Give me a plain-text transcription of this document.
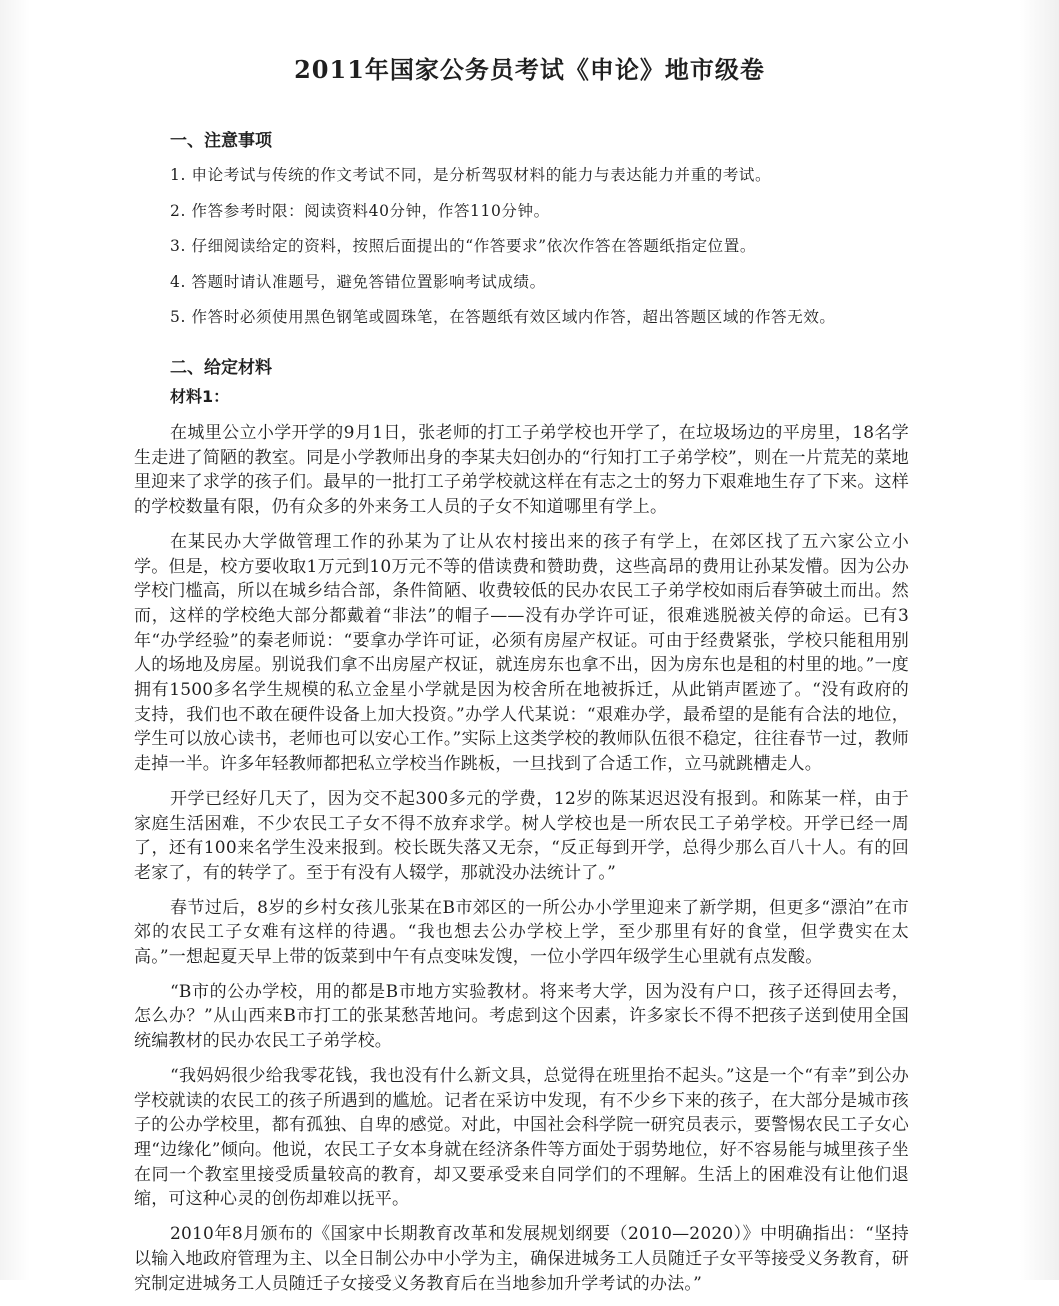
2011年国家公务员考试《申论》地市级卷
一、注意事项
1. 申论考试与传统的作文考试不同，是分析驾驭材料的能力与表达能力并重的考试。
2. 作答参考时限：阅读资料40分钟，作答110分钟。
3. 仔细阅读给定的资料，按照后面提出的“作答要求”依次作答在答题纸指定位置。
4. 答题时请认准题号，避免答错位置影响考试成绩。
5. 作答时必须使用黑色钢笔或圆珠笔，在答题纸有效区域内作答，超出答题区域的作答无效。
二、给定材料
材料1：

在城里公立小学开学的9月1日，张老师的打工子弟学校也开学了，在垃圾场边的平房里，18名学生走进了简陋的教室。同是小学教师出身的李某夫妇创办的“行知打工子弟学校”，则在一片荒芜的菜地里迎来了求学的孩子们。最早的一批打工子弟学校就这样在有志之士的努力下艰难地生存了下来。这样的学校数量有限，仍有众多的外来务工人员的子女不知道哪里有学上。

在某民办大学做管理工作的孙某为了让从农村接出来的孩子有学上，在郊区找了五六家公立小学。但是，校方要收取1万元到10万元不等的借读费和赞助费，这些高昂的费用让孙某发懵。因为公办学校门槛高，所以在城乡结合部，条件简陋、收费较低的民办农民工子弟学校如雨后春笋破土而出。然而，这样的学校绝大部分都戴着“非法”的帽子——没有办学许可证，很难逃脱被关停的命运。已有3年“办学经验”的秦老师说：“要拿办学许可证，必须有房屋产权证。可由于经费紧张，学校只能租用别人的场地及房屋。别说我们拿不出房屋产权证，就连房东也拿不出，因为房东也是租的村里的地。”一度拥有1500多名学生规模的私立金星小学就是因为校舍所在地被拆迁，从此销声匿迹了。“没有政府的支持，我们也不敢在硬件设备上加大投资。”办学人代某说：“艰难办学，最希望的是能有合法的地位，学生可以放心读书，老师也可以安心工作。”实际上这类学校的教师队伍很不稳定，往往春节一过，教师走掉一半。许多年轻教师都把私立学校当作跳板，一旦找到了合适工作，立马就跳槽走人。

开学已经好几天了，因为交不起300多元的学费，12岁的陈某迟迟没有报到。和陈某一样，由于家庭生活困难，不少农民工子女不得不放弃求学。树人学校也是一所农民工子弟学校。开学已经一周了，还有100来名学生没来报到。校长既失落又无奈，“反正每到开学，总得少那么百八十人。有的回老家了，有的转学了。至于有没有人辍学，那就没办法统计了。”

春节过后，8岁的乡村女孩儿张某在B市郊区的一所公办小学里迎来了新学期，但更多“漂泊”在市郊的农民工子女难有这样的待遇。“我也想去公办学校上学，至少那里有好的食堂，但学费实在太高。”一想起夏天早上带的饭菜到中午有点变味发馊，一位小学四年级学生心里就有点发酸。

“B市的公办学校，用的都是B市地方实验教材。将来考大学，因为没有户口，孩子还得回去考，怎么办？”从山西来B市打工的张某愁苦地问。考虑到这个因素，许多家长不得不把孩子送到使用全国统编教材的民办农民工子弟学校。

“我妈妈很少给我零花钱，我也没有什么新文具，总觉得在班里抬不起头。”这是一个“有幸”到公办学校就读的农民工的孩子所遇到的尴尬。记者在采访中发现，有不少乡下来的孩子，在大部分是城市孩子的公办学校里，都有孤独、自卑的感觉。对此，中国社会科学院一研究员表示，要警惕农民工子女心理“边缘化”倾向。他说，农民工子女本身就在经济条件等方面处于弱势地位，好不容易能与城里孩子坐在同一个教室里接受质量较高的教育，却又要承受来自同学们的不理解。生活上的困难没有让他们退缩，可这种心灵的创伤却难以抚平。

2010年8月颁布的《国家中长期教育改革和发展规划纲要（2010—2020）》中明确指出：“坚持以输入地政府管理为主、以全日制公办中小学为主，确保进城务工人员随迁子女平等接受义务教育，研究制定进城务工人员随迁子女接受义务教育后在当地参加升学考试的办法。”
